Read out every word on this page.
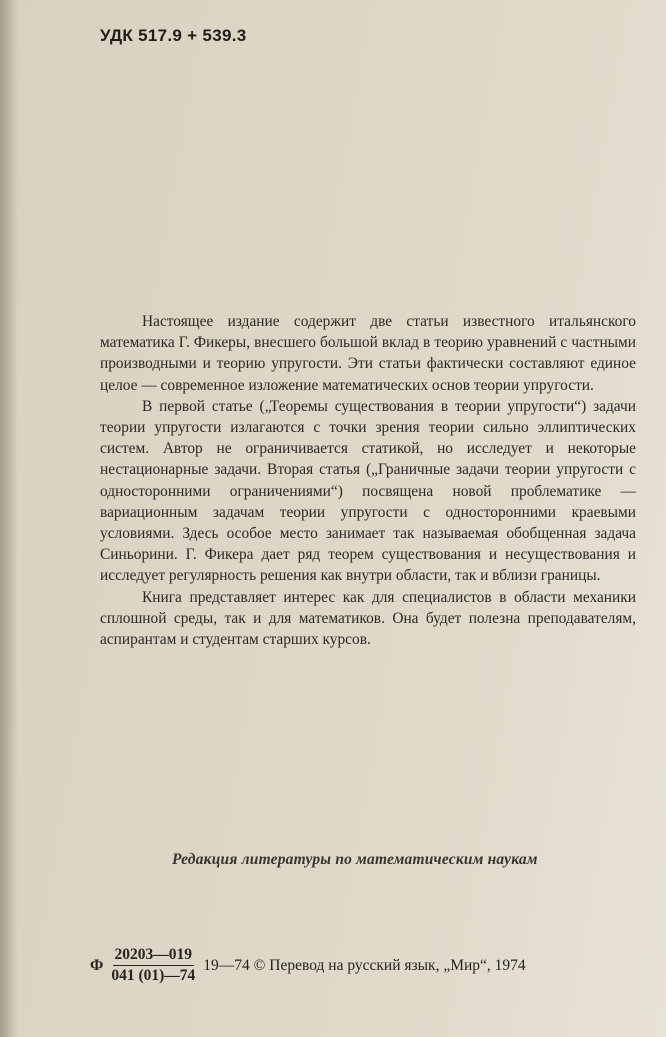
УДК 517.9 + 539.3

Настоящее издание содержит две статьи известного итальянского математика Г. Фикеры, внесшего большой вклад в теорию уравнений с частными производными и теорию упругости. Эти статьи фактически составляют единое целое — современное изложение математических основ теории упругости.

В первой статье („Теоремы существования в теории упругости“) задачи теории упругости излагаются с точки зрения теории сильно эллиптических систем. Автор не ограничивается статикой, но исследует и некоторые нестационарные задачи. Вторая статья („Граничные задачи теории упругости с односторонними ограничениями“) посвящена новой проблематике — вариационным задачам теории упругости с односторонними краевыми условиями. Здесь особое место занимает так называемая обобщенная задача Синьорини. Г. Фикера дает ряд теорем существования и несуществования и исследует регулярность решения как внутри области, так и вблизи границы.

Книга представляет интерес как для специалистов в области механики сплошной среды, так и для математиков. Она будет полезна преподавателям, аспирантам и студентам старших курсов.

Редакция литературы по математическим наукам
Ф $\frac{20203—019}{041 (01)—74}$ 19—74 © Перевод на русский язык, „Мир“, 1974
